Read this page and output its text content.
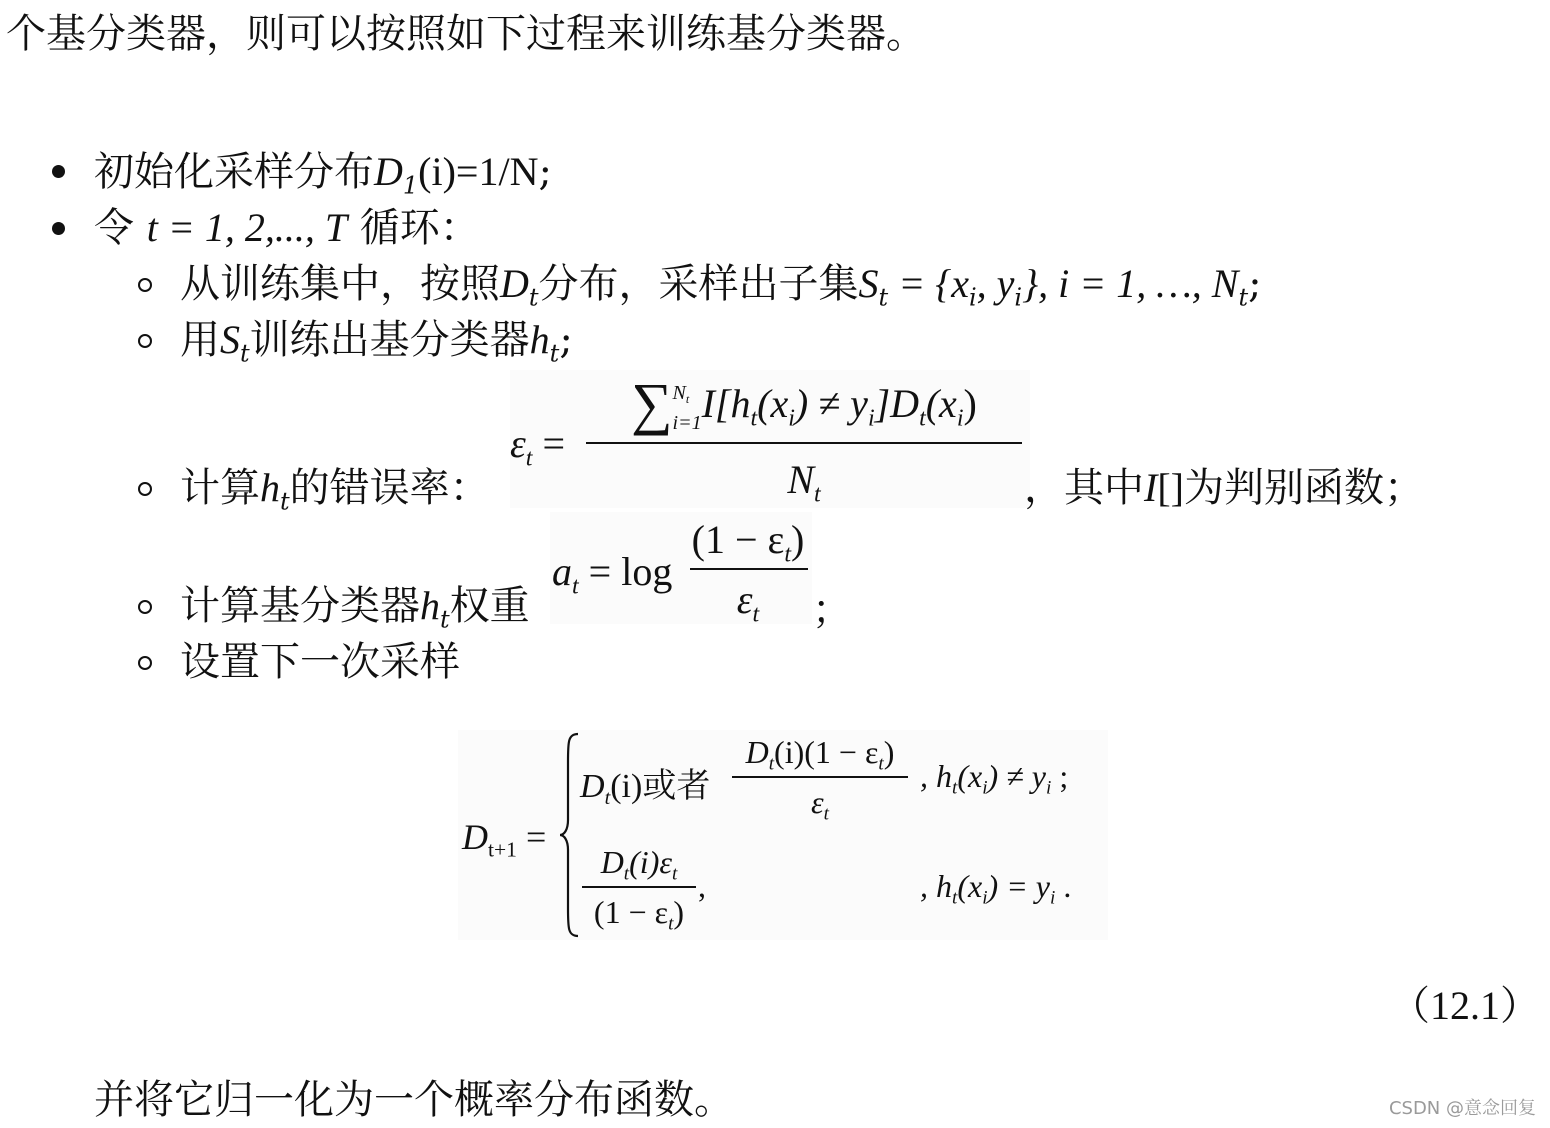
个基分类器，则可以按照如下过程来训练基分类器。
初始化采样分布$D_1(i)=1/N$;
令 t = 1, 2,..., T 循环：
从训练集中，按照$D_t$分布，采样出子集$S_t = \{x_i$, $y_i$}, i = 1, …, $N_t$;
用$S_t$训练出基分类器$h_t$;
$\varepsilon_t$ =
∑ $N_t$
i=1 $I[h_t(x_i) \ne y_i]D_t(x_i)$
$N_t$
计算$h_t$的错误率：	，其中I[]为判别函数；
$a_t = \log$
$(1 - \varepsilon_t)$
$\varepsilon_t$
计算基分类器$h_t$权重	；
设置下一次采样
$D_{t+1}$ =
$D_t(i)$或者
$D_t(i)(1 - \varepsilon_t)$
$\varepsilon_t$
, $h_t(x_i) \ne y_i$ ;
$D_t(i)\varepsilon_t$
$(1 - \varepsilon_t)$
,	, $h_t(x_i) = y_i$ .
（12.1）
并将它归一化为一个概率分布函数。	CSDN @意念回复
